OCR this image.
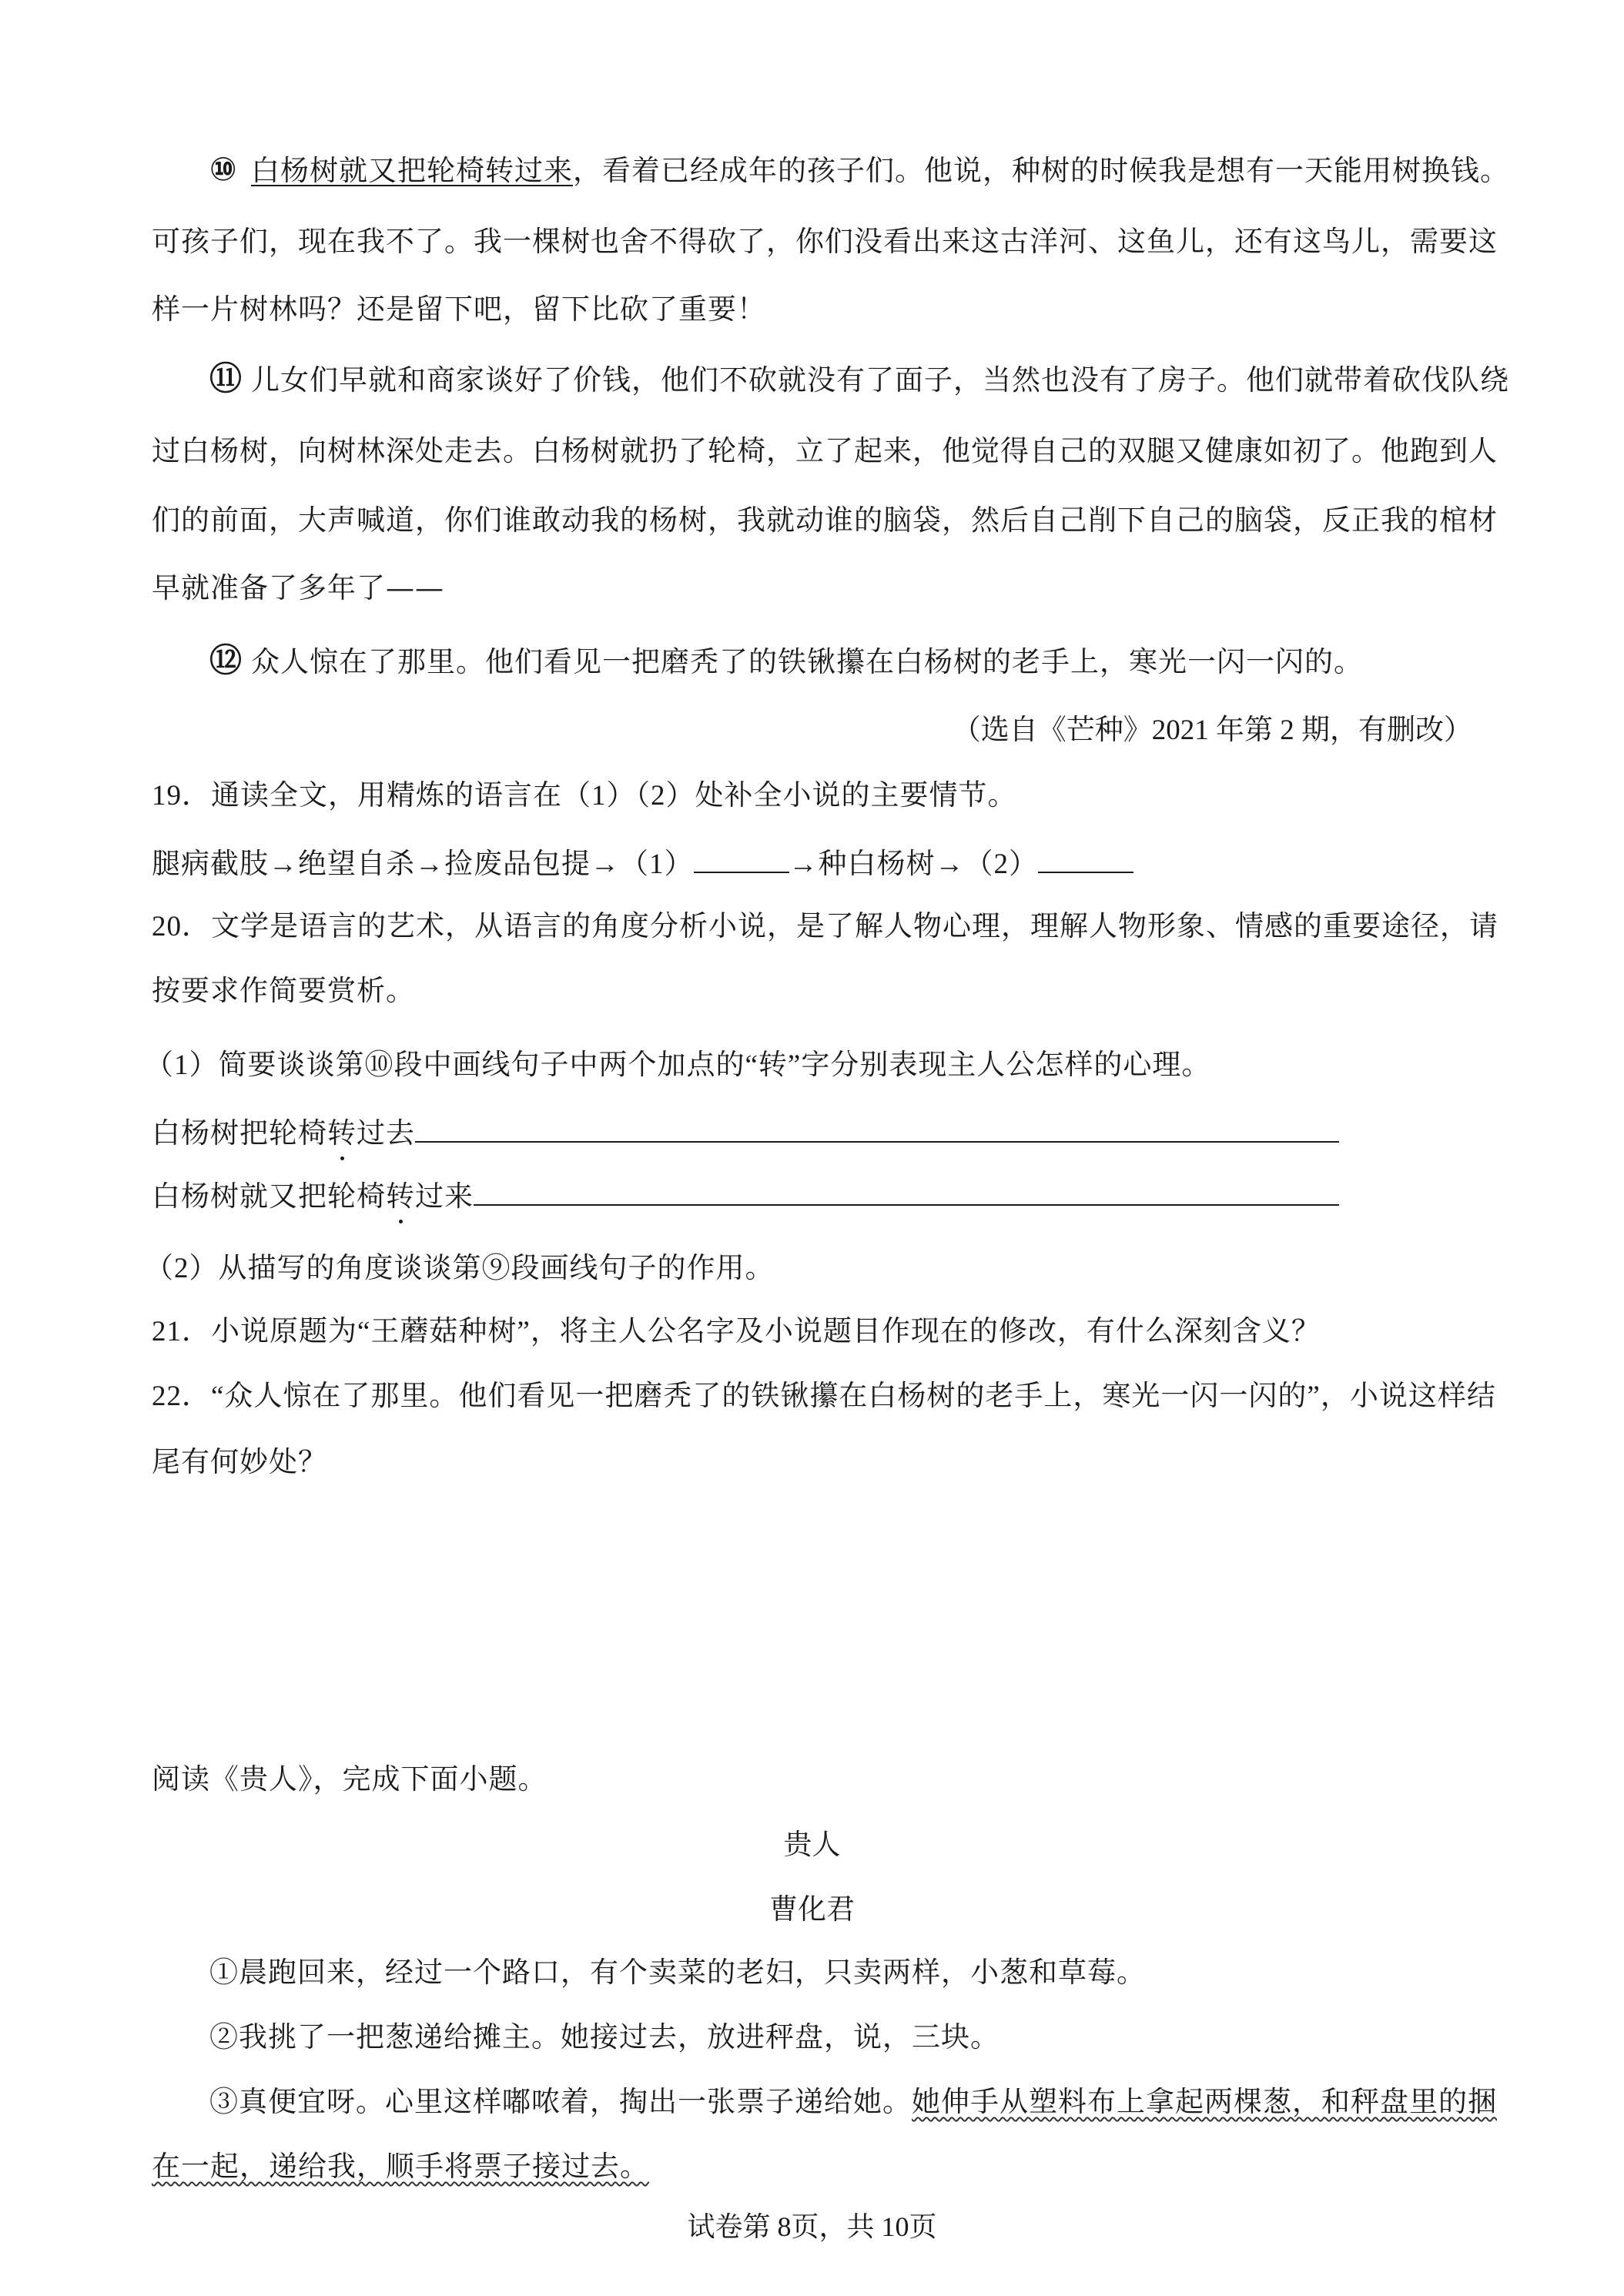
⑩ 白杨树就又把轮椅转过来，看着已经成年的孩子们。他说，种树的时候我是想有一天能用树换钱。
可孩子们，现在我不了。我一棵树也舍不得砍了，你们没看出来这古洋河、这鱼儿，还有这鸟儿，需要这
样一片树林吗？还是留下吧，留下比砍了重要！
⑪ 儿女们早就和商家谈好了价钱，他们不砍就没有了面子，当然也没有了房子。他们就带着砍伐队绕
过白杨树，向树林深处走去。白杨树就扔了轮椅，立了起来，他觉得自己的双腿又健康如初了。他跑到人
们的前面，大声喊道，你们谁敢动我的杨树，我就动谁的脑袋，然后自己削下自己的脑袋，反正我的棺材
早就准备了多年了——
⑫ 众人惊在了那里。他们看见一把磨秃了的铁锹攥在白杨树的老手上，寒光一闪一闪的。
（选自《芒种》2021 年第 2 期，有删改）
19．通读全文，用精炼的语言在（1）（2）处补全小说的主要情节。
腿病截肢→绝望自杀→捡废品包提→（1）	→种白杨树→（2）
20．文学是语言的艺术，从语言的角度分析小说，是了解人物心理，理解人物形象、情感的重要途径，请
按要求作简要赏析。
（1）简要谈谈第⑩段中画线句子中两个加点的“转”字分别表现主人公怎样的心理。
白杨树把轮椅转过去
白杨树就又把轮椅转过来
（2）从描写的角度谈谈第⑨段画线句子的作用。
21．小说原题为“王蘑菇种树”，将主人公名字及小说题目作现在的修改，有什么深刻含义？
22．“众人惊在了那里。他们看见一把磨秃了的铁锹攥在白杨树的老手上，寒光一闪一闪的”，小说这样结
尾有何妙处？
阅读《贵人》，完成下面小题。
贵人
曹化君
①晨跑回来，经过一个路口，有个卖菜的老妇，只卖两样，小葱和草莓。
②我挑了一把葱递给摊主。她接过去，放进秤盘，说，三块。
③真便宜呀。心里这样嘟哝着，掏出一张票子递给她。她伸手从塑料布上拿起两棵葱，和秤盘里的捆
在一起，递给我，顺手将票子接过去。
试卷第 8页，共 10页
